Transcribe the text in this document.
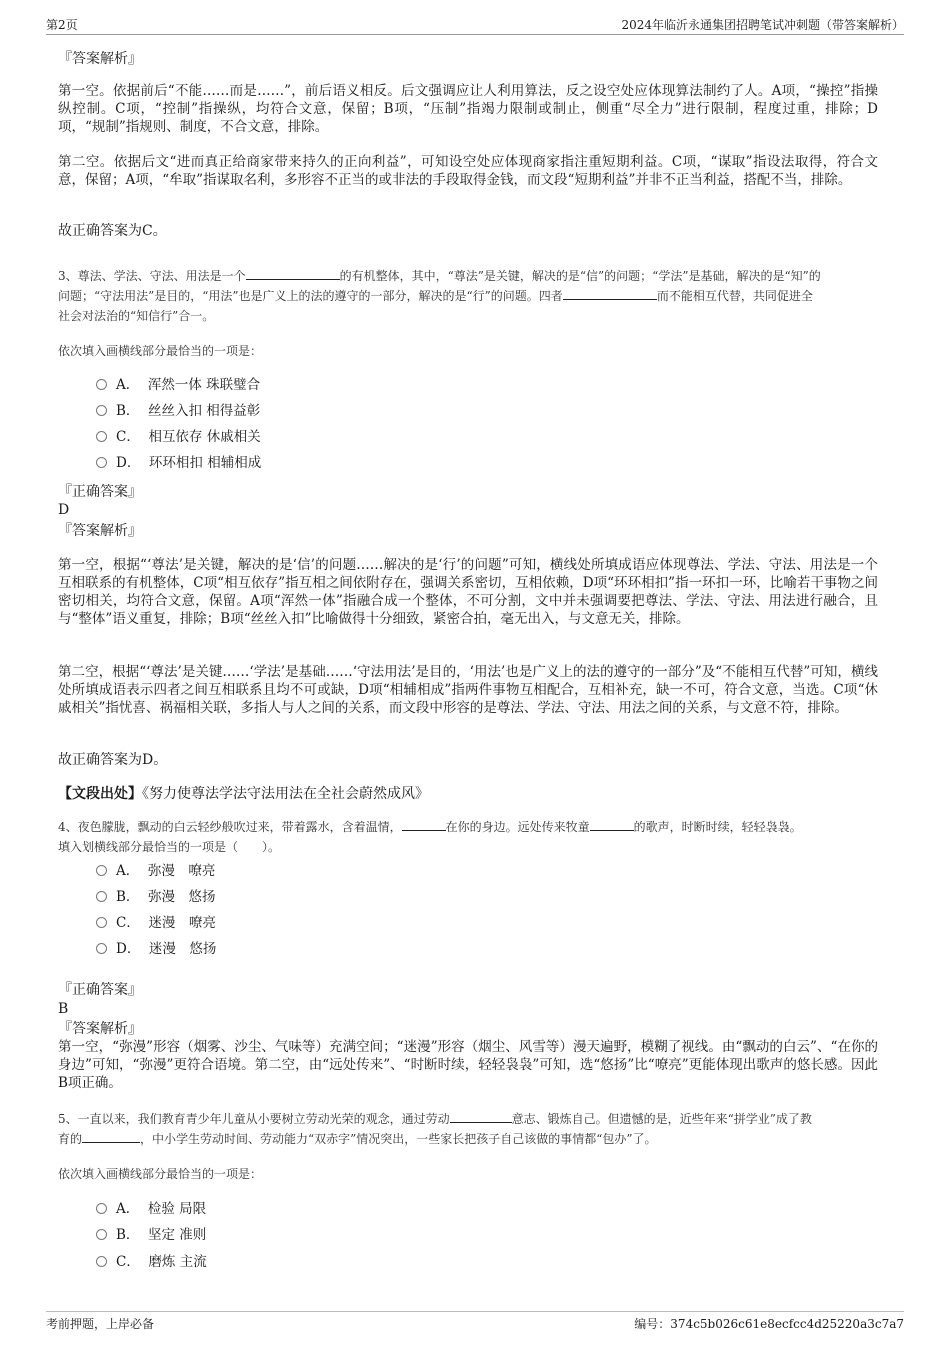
第2页	2024年临沂永通集团招聘笔试冲刺题（带答案解析）
『答案解析』
第一空。依据前后“不能……而是……”，前后语义相反。后文强调应让人利用算法，反之设空处应体现算法制约了人。A项，“操控”指操纵控制。C项，“控制”指操纵，均符合文意，保留；B项，“压制”指竭力限制或制止，侧重“尽全力”进行限制，程度过重，排除；D项，“规制”指规则、制度，不合文意，排除。
第二空。依据后文“进而真正给商家带来持久的正向利益”，可知设空处应体现商家指注重短期利益。C项，“谋取”指设法取得，符合文意，保留；A项，“牟取”指谋取名利，多形容不正当的或非法的手段取得金钱，而文段“短期利益”并非不正当利益，搭配不当，排除。
故正确答案为C。
3、尊法、学法、守法、用法是一个	的有机整体，其中，“尊法”是关键，解决的是“信”的问题；“学法”是基础，解决的是“知”的
问题；“守法用法”是目的，“用法”也是广义上的法的遵守的一部分，解决的是“行”的问题。四者	而不能相互代替，共同促进全
社会对法治的“知信行”合一。
依次填入画横线部分最恰当的一项是：
A． 浑然一体 珠联璧合
B． 丝丝入扣 相得益彰
C． 相互依存 休戚相关
D． 环环相扣 相辅相成
『正确答案』
D
『答案解析』
第一空，根据“‘尊法’是关键，解决的是‘信’的问题……解决的是‘行’的问题”可知，横线处所填成语应体现尊法、学法、守法、用法是一个互相联系的有机整体，C项“相互依存”指互相之间依附存在，强调关系密切，互相依赖，D项“环环相扣”指一环扣一环，比喻若干事物之间密切相关，均符合文意，保留。A项“浑然一体”指融合成一个整体，不可分割，文中并未强调要把尊法、学法、守法、用法进行融合，且与“整体”语义重复，排除；B项“丝丝入扣”比喻做得十分细致，紧密合拍，毫无出入，与文意无关，排除。
第二空，根据“‘尊法’是关键……‘学法’是基础……‘守法用法’是目的，‘用法’也是广义上的法的遵守的一部分”及“不能相互代替”可知，横线处所填成语表示四者之间互相联系且均不可或缺，D项“相辅相成”指两件事物互相配合，互相补充，缺一不可，符合文意，当选。C项“休戚相关”指忧喜、祸福相关联，多指人与人之间的关系，而文段中形容的是尊法、学法、守法、用法之间的关系，与文意不符，排除。
故正确答案为D。
【文段出处】《努力使尊法学法守法用法在全社会蔚然成风》
4、夜色朦胧，飘动的白云轻纱般吹过来，带着露水，含着温情，	在你的身边。远处传来牧童	的歌声，时断时续，轻轻袅袅。
填入划横线部分最恰当的一项是（　　）。
A． 弥漫　嘹亮
B． 弥漫　悠扬
C． 迷漫　嘹亮
D． 迷漫　悠扬
『正确答案』
B
『答案解析』
第一空，“弥漫”形容（烟雾、沙尘、气味等）充满空间；“迷漫”形容（烟尘、风雪等）漫天遍野，模糊了视线。由“飘动的白云”、“在你的身边”可知，“弥漫”更符合语境。第二空，由“远处传来”、“时断时续，轻轻袅袅”可知，选“悠扬”比“嘹亮”更能体现出歌声的悠长感。因此B项正确。
5、一直以来，我们教育青少年儿童从小要树立劳动光荣的观念，通过劳动	意志、锻炼自己。但遗憾的是，近些年来“拼学业”成了教
育的	，中小学生劳动时间、劳动能力“双赤字”情况突出，一些家长把孩子自己该做的事情都“包办”了。
依次填入画横线部分最恰当的一项是：
A． 检验 局限
B． 坚定 准则
C． 磨炼 主流
考前押题，上岸必备	编号：374c5b026c61e8ecfcc4d25220a3c7a7
